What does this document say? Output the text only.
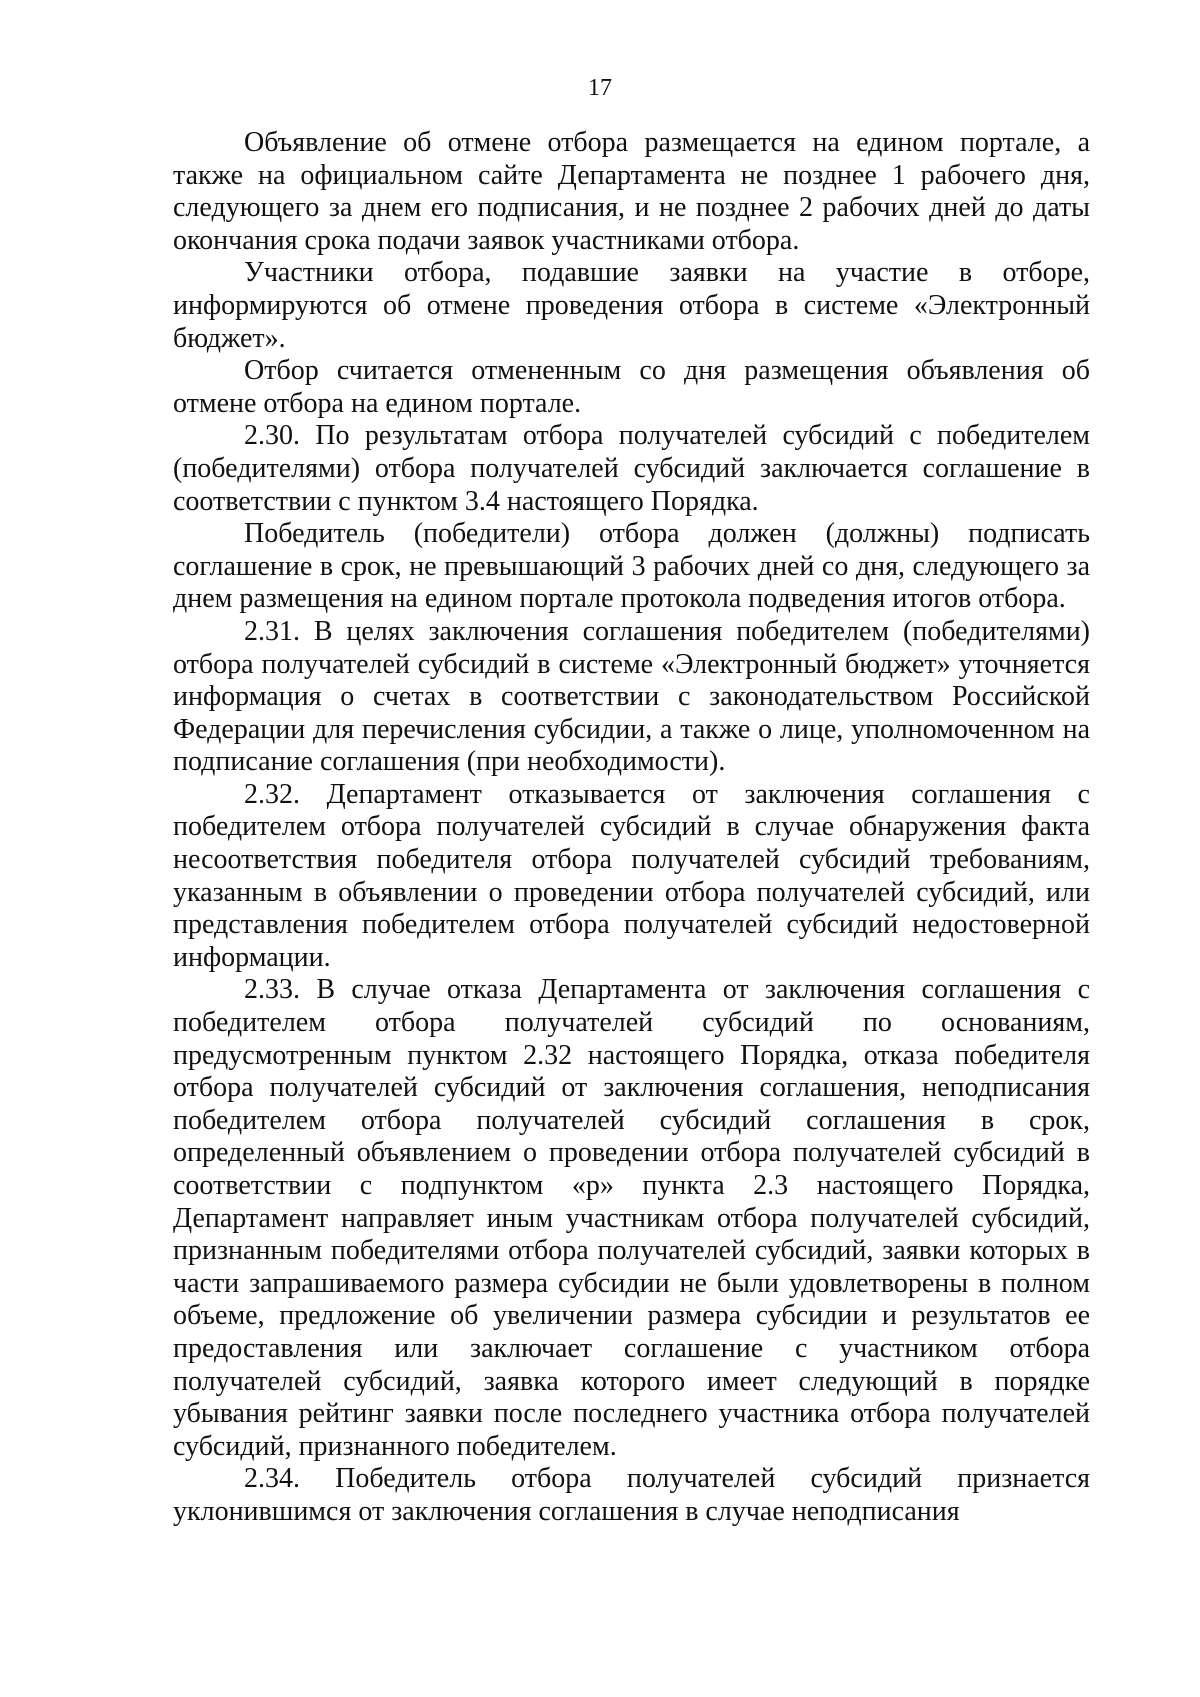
17

Объявление об отмене отбора размещается на едином портале, а также на официальном сайте Департамента не позднее 1 рабочего дня, следующего за днем его подписания, и не позднее 2 рабочих дней до даты окончания срока подачи заявок участниками отбора.

Участники отбора, подавшие заявки на участие в отборе, информируются об отмене проведения отбора в системе «Электронный бюджет».

Отбор считается отмененным со дня размещения объявления об отмене отбора на едином портале.

2.30. По результатам отбора получателей субсидий с победителем (победителями) отбора получателей субсидий заключается соглашение в соответствии с пунктом 3.4 настоящего Порядка.

Победитель (победители) отбора должен (должны) подписать соглашение в срок, не превышающий 3 рабочих дней со дня, следующего за днем размещения на едином портале протокола подведения итогов отбора.

2.31. В целях заключения соглашения победителем (победителями) отбора получателей субсидий в системе «Электронный бюджет» уточняется информация о счетах в соответствии с законодательством Российской Федерации для перечисления субсидии, а также о лице, уполномоченном на подписание соглашения (при необходимости).

2.32. Департамент отказывается от заключения соглашения с победителем отбора получателей субсидий в случае обнаружения факта несоответствия победителя отбора получателей субсидий требованиям, указанным в объявлении о проведении отбора получателей субсидий, или представления победителем отбора получателей субсидий недостоверной информации.

2.33. В случае отказа Департамента от заключения соглашения с победителем отбора получателей субсидий по основаниям, предусмотренным пунктом 2.32 настоящего Порядка, отказа победителя отбора получателей субсидий от заключения соглашения, неподписания победителем отбора получателей субсидий соглашения в срок, определенный объявлением о проведении отбора получателей субсидий в соответствии с подпунктом «р» пункта 2.3 настоящего Порядка, Департамент направляет иным участникам отбора получателей субсидий, признанным победителями отбора получателей субсидий, заявки которых в части запрашиваемого размера субсидии не были удовлетворены в полном объеме, предложение об увеличении размера субсидии и результатов ее предоставления или заключает соглашение с участником отбора получателей субсидий, заявка которого имеет следующий в порядке убывания рейтинг заявки после последнего участника отбора получателей субсидий, признанного победителем.

2.34. Победитель отбора получателей субсидий признается уклонившимся от заключения соглашения в случае неподписания
